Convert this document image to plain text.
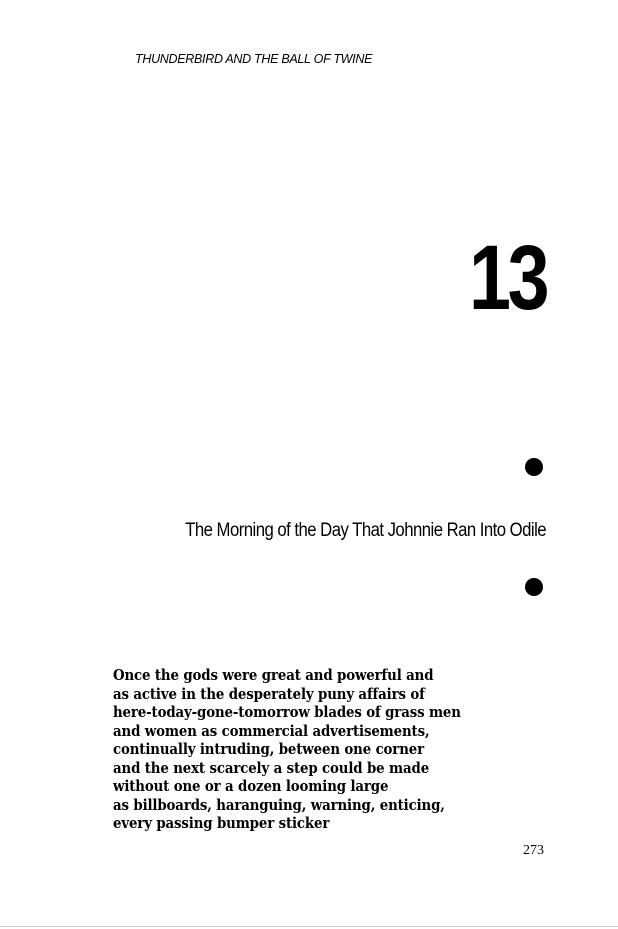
THUNDERBIRD AND THE BALL OF TWINE
13
The Morning of the Day That Johnnie Ran Into Odile

Once the gods were great and powerful and
as active in the desperately puny affairs of
here-today-gone-tomorrow blades of grass men
and women as commercial advertisements,
continually intruding, between one corner
and the next scarcely a step could be made
without one or a dozen looming large
as billboards, haranguing, warning, enticing,
every passing bumper sticker

273
